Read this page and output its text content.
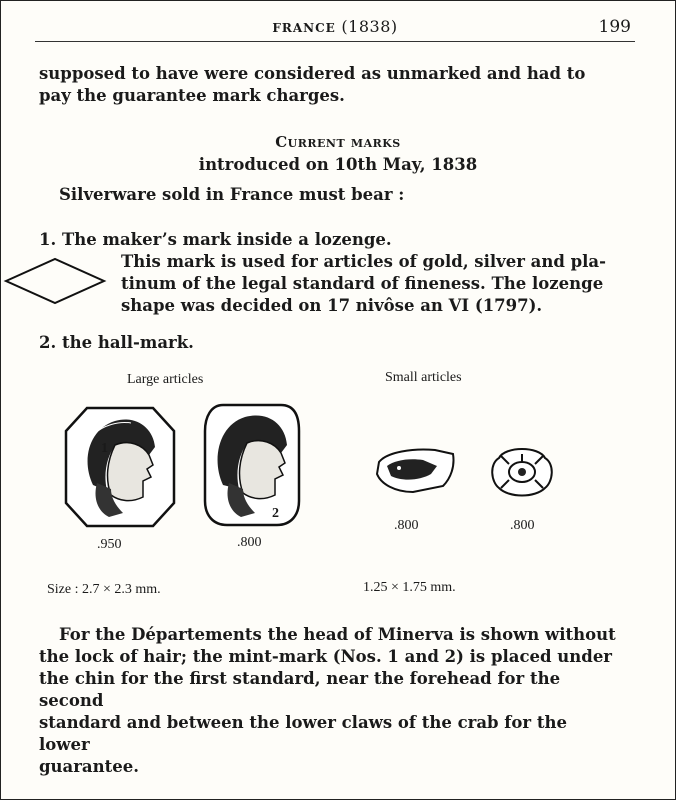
FRANCE (1838)	199
supposed to have were considered as unmarked and had to
pay the guarantee mark charges.
Current marks
introduced on 10th May, 1838
Silverware sold in France must bear :
1. The maker’s mark inside a lozenge.
This mark is used for articles of gold, silver and pla-
tinum of the legal standard of fineness. The lozenge
shape was decided on 17 nivôse an VI (1797).
2. the hall-mark.
Large articles	Small articles
1
2
.950	.800
.800	.800
Size : 2.7 × 2.3 mm.	1.25 × 1.75 mm.
For the Départements the head of Minerva is shown without
the lock of hair; the mint-mark (Nos. 1 and 2) is placed under
the chin for the first standard, near the forehead for the second
standard and between the lower claws of the crab for the lower
guarantee.
